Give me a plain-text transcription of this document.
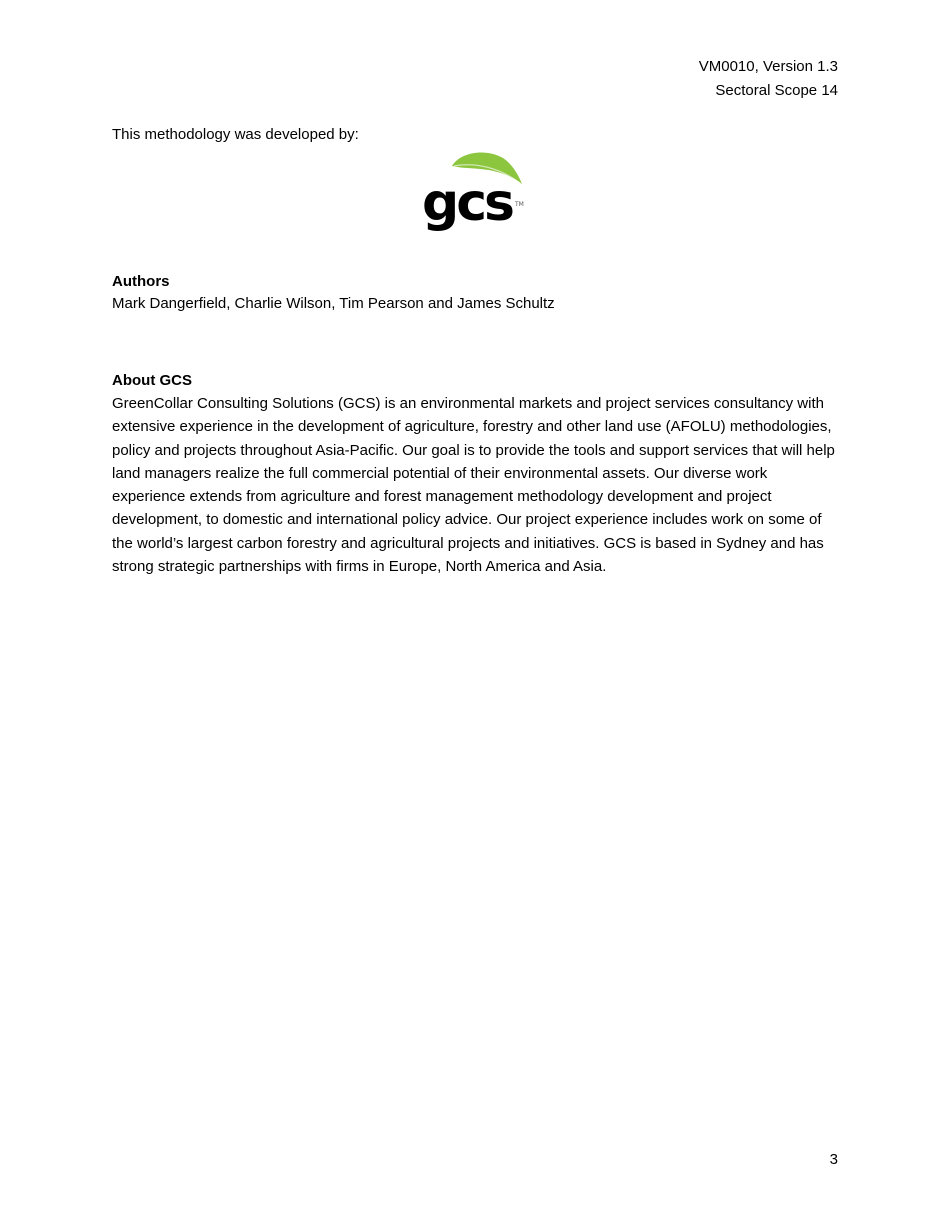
VM0010, Version 1.3
Sectoral Scope 14
This methodology was developed by:
gcs TM
Authors

Mark Dangerfield, Charlie Wilson, Tim Pearson and James Schultz

About GCS

GreenCollar Consulting Solutions (GCS) is an environmental markets and project services consultancy with extensive experience in the development of agriculture, forestry and other land use (AFOLU) methodologies, policy and projects throughout Asia-Pacific. Our goal is to provide the tools and support services that will help land managers realize the full commercial potential of their environmental assets. Our diverse work experience extends from agriculture and forest management methodology development and project development, to domestic and international policy advice. Our project experience includes work on some of the world’s largest carbon forestry and agricultural projects and initiatives. GCS is based in Sydney and has strong strategic partnerships with firms in Europe, North America and Asia.

3
